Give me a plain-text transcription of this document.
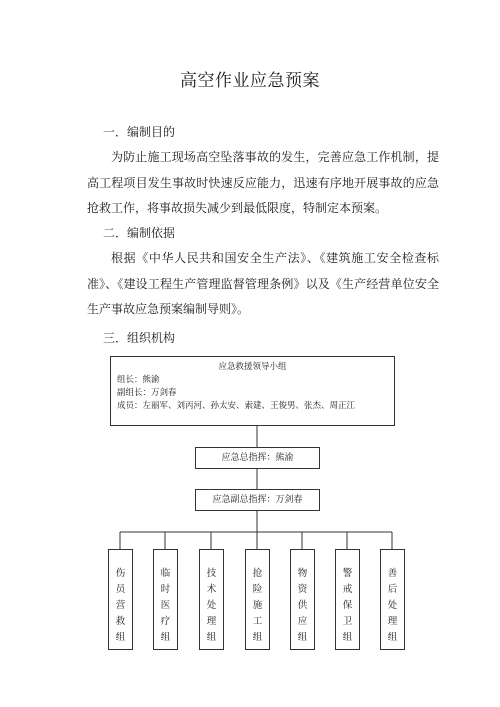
高空作业应急预案
一．编制目的

为防止施工现场高空坠落事故的发生，完善应急工作机制，提高工程项目发生事故时快速反应能力，迅速有序地开展事故的应急抢救工作，将事故损失减少到最低限度，特制定本预案。

二．编制依据

根据《中华人民共和国安全生产法》、《建筑施工安全检查标准》、《建设工程生产管理监督管理条例》以及《生产经营单位安全生产事故应急预案编制导则》。

三．组织机构
应急救援领导小组
组长：熊渝
副组长：万剑春
成员：左丽军、刘丙河、孙太安、索建、王俊男、张杰、周正江
应急总指挥：熊渝
应急副总指挥：万剑春
伤员营救组
临时医疗组
技术处理组
抢险施工组
物资供应组
警戒保卫组
善后处理组
